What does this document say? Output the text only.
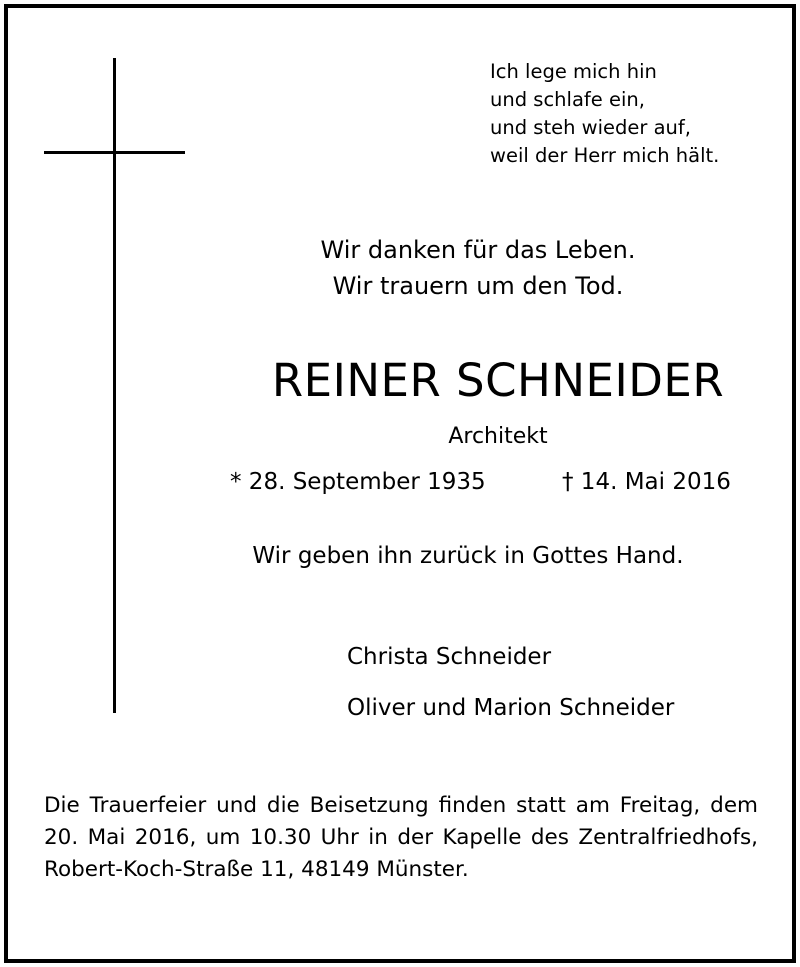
Ich lege mich hin
und schlafe ein,
und steh wieder auf,
weil der Herr mich hält.
Wir danken für das Leben.
Wir trauern um den Tod.
REINER SCHNEIDER
Architekt
* 28. September 1935	† 14. Mai 2016
Wir geben ihn zurück in Gottes Hand.
Christa Schneider
Oliver und Marion Schneider
Die Trauerfeier und die Beisetzung finden statt am Freitag, dem 20. Mai 2016, um 10.30 Uhr in der Kapelle des Zentralfriedhofs, Robert-Koch-Straße 11, 48149 Münster.
